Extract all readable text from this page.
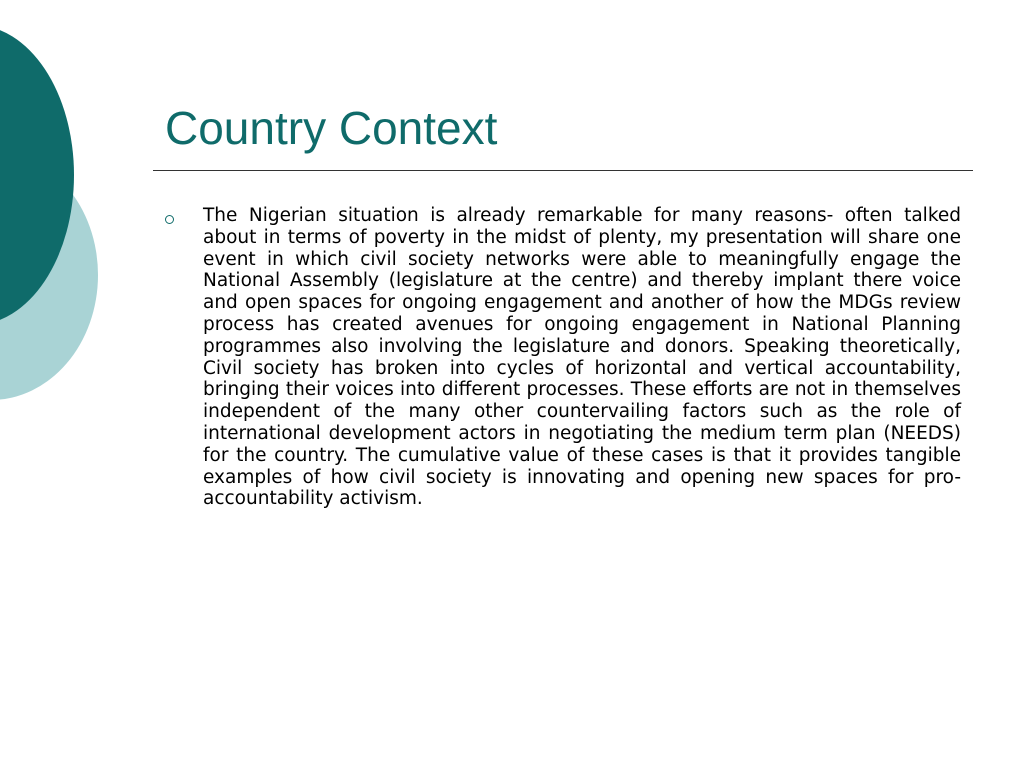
Country Context

The Nigerian situation is already remarkable for many reasons- often talked about in terms of poverty in the midst of plenty, my presentation will share one event in which civil society networks were able to meaningfully engage the National Assembly (legislature at the centre) and thereby implant there voice and open spaces for ongoing engagement and another of how the MDGs review process has created avenues for ongoing engagement in National Planning programmes also involving the legislature and donors. Speaking theoretically, Civil society has broken into cycles of horizontal and vertical accountability, bringing their voices into different processes. These efforts are not in themselves independent of the many other countervailing factors such as the role of international development actors in negotiating the medium term plan (NEEDS) for the country. The cumulative value of these cases is that it provides tangible examples of how civil society is innovating and opening new spaces for pro-accountability activism.
